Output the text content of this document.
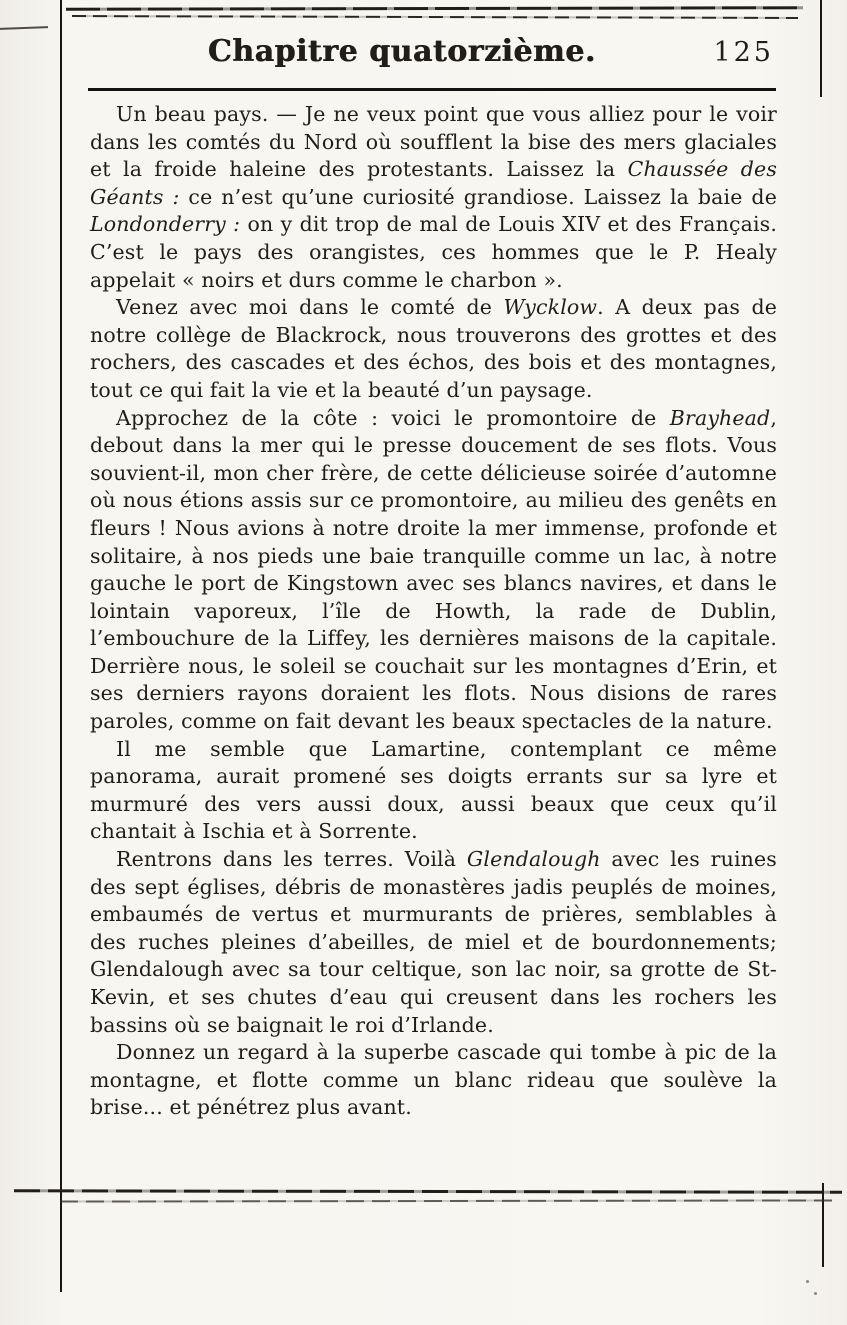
Chapitre quatorzième.	125

Un beau pays. — Je ne veux point que vous alliez pour le voir dans les comtés du Nord où soufflent la bise des mers glaciales et la froide haleine des protestants. Laissez la Chaussée des Géants : ce n’est qu’une curiosité grandiose. Laissez la baie de Londonderry : on y dit trop de mal de Louis XIV et des Français. C’est le pays des orangistes, ces hommes que le P. Healy appelait « noirs et durs comme le charbon ».

Venez avec moi dans le comté de Wycklow. A deux pas de notre collège de Blackrock, nous trouverons des grottes et des rochers, des cascades et des échos, des bois et des montagnes, tout ce qui fait la vie et la beauté d’un paysage.

Approchez de la côte : voici le promontoire de Brayhead, debout dans la mer qui le presse doucement de ses flots. Vous souvient-il, mon cher frère, de cette délicieuse soirée d’automne où nous étions assis sur ce promontoire, au milieu des genêts en fleurs ! Nous avions à notre droite la mer immense, profonde et solitaire, à nos pieds une baie tranquille comme un lac, à notre gauche le port de Kingstown avec ses blancs navires, et dans le lointain vaporeux, l’île de Howth, la rade de Dublin, l’embouchure de la Liffey, les dernières maisons de la capitale. Derrière nous, le soleil se couchait sur les montagnes d’Erin, et ses derniers rayons doraient les flots. Nous disions de rares paroles, comme on fait devant les beaux spectacles de la nature.

Il me semble que Lamartine, contemplant ce même panorama, aurait promené ses doigts errants sur sa lyre et murmuré des vers aussi doux, aussi beaux que ceux qu’il chantait à Ischia et à Sorrente.

Rentrons dans les terres. Voilà Glendalough avec les ruines des sept églises, débris de monastères jadis peuplés de moines, embaumés de vertus et murmurants de prières, semblables à des ruches pleines d’abeilles, de miel et de bourdonnements; Glendalough avec sa tour celtique, son lac noir, sa grotte de St-Kevin, et ses chutes d’eau qui creusent dans les rochers les bassins où se baignait le roi d’Irlande.

Donnez un regard à la superbe cascade qui tombe à pic de la montagne, et flotte comme un blanc rideau que soulève la brise... et pénétrez plus avant.
